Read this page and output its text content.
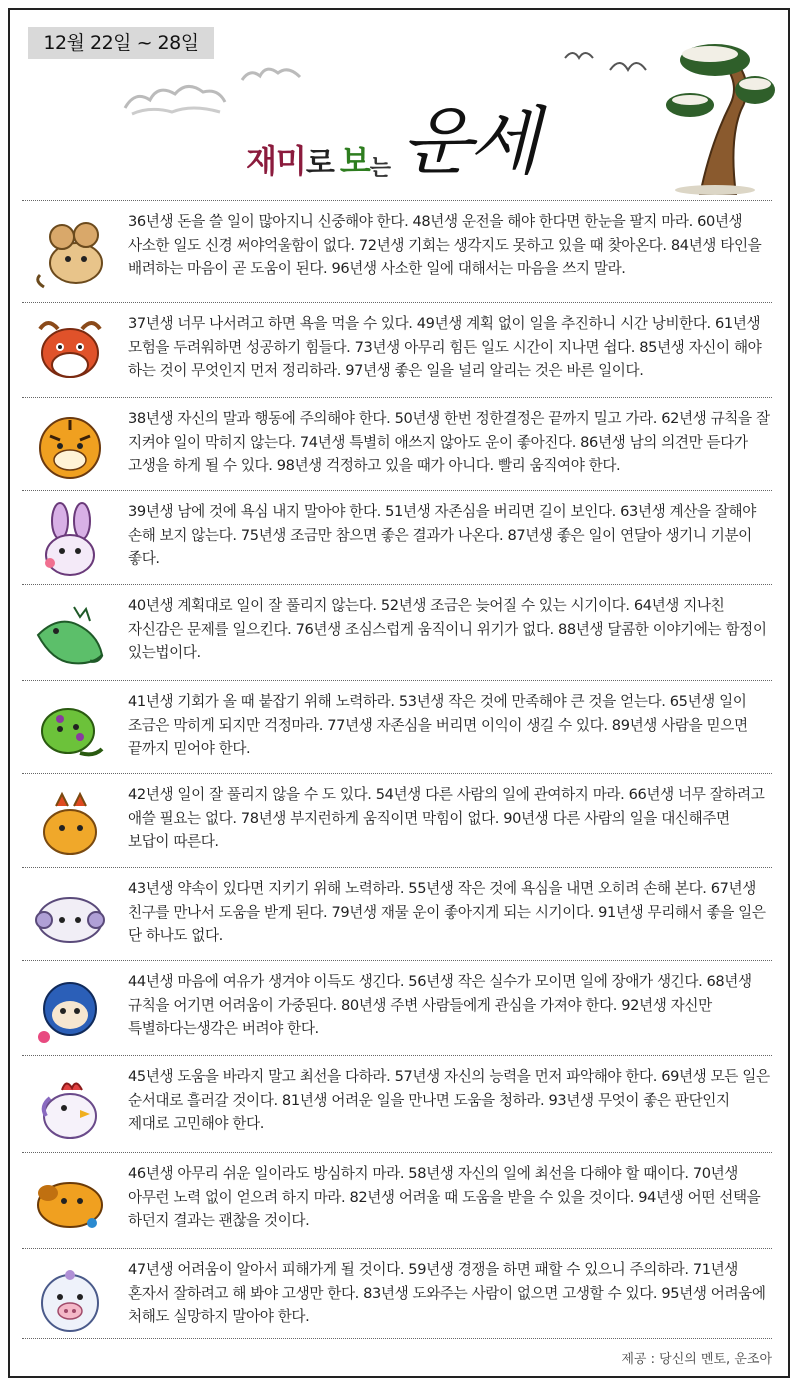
12월 22일 ~ 28일
재미 로 보 는 운세
36년생 돈을 쓸 일이 많아지니 신중해야 한다. 48년생 운전을 해야 한다면 한눈을 팔지 마라. 60년생 사소한 일도 신경 써야억울함이 없다. 72년생 기회는 생각지도 못하고 있을 때 찾아온다. 84년생 타인을 배려하는 마음이 곧 도움이 된다. 96년생 사소한 일에 대해서는 마음을 쓰지 말라.
37년생 너무 나서려고 하면 욕을 먹을 수 있다. 49년생 계획 없이 일을 추진하니 시간 낭비한다. 61년생 모험을 두려워하면 성공하기 힘들다. 73년생 아무리 힘든 일도 시간이 지나면 쉽다. 85년생 자신이 해야 하는 것이 무엇인지 먼저 정리하라. 97년생 좋은 일을 널리 알리는 것은 바른 일이다.
38년생 자신의 말과 행동에 주의해야 한다. 50년생 한번 정한결정은 끝까지 밀고 가라. 62년생 규칙을 잘 지켜야 일이 막히지 않는다. 74년생 특별히 애쓰지 않아도 운이 좋아진다. 86년생 남의 의견만 듣다가 고생을 하게 될 수 있다. 98년생 걱정하고 있을 때가 아니다. 빨리 움직여야 한다.
39년생 남에 것에 욕심 내지 말아야 한다. 51년생 자존심을 버리면 길이 보인다. 63년생 계산을 잘해야 손해 보지 않는다. 75년생 조금만 참으면 좋은 결과가 나온다. 87년생 좋은 일이 연달아 생기니 기분이 좋다.
40년생 계획대로 일이 잘 풀리지 않는다. 52년생 조금은 늦어질 수 있는 시기이다. 64년생 지나친 자신감은 문제를 일으킨다. 76년생 조심스럽게 움직이니 위기가 없다. 88년생 달콤한 이야기에는 함정이 있는법이다.
41년생 기회가 올 때 붙잡기 위해 노력하라. 53년생 작은 것에 만족해야 큰 것을 얻는다. 65년생 일이 조금은 막히게 되지만 걱정마라. 77년생 자존심을 버리면 이익이 생길 수 있다. 89년생 사람을 믿으면 끝까지 믿어야 한다.
42년생 일이 잘 풀리지 않을 수 도 있다. 54년생 다른 사람의 일에 관여하지 마라. 66년생 너무 잘하려고 애쓸 필요는 없다. 78년생 부지런하게 움직이면 막힘이 없다. 90년생 다른 사람의 일을 대신해주면 보답이 따른다.
43년생 약속이 있다면 지키기 위해 노력하라. 55년생 작은 것에 욕심을 내면 오히려 손해 본다. 67년생 친구를 만나서 도움을 받게 된다. 79년생 재물 운이 좋아지게 되는 시기이다. 91년생 무리해서 좋을 일은 단 하나도 없다.
44년생 마음에 여유가 생겨야 이득도 생긴다. 56년생 작은 실수가 모이면 일에 장애가 생긴다. 68년생 규칙을 어기면 어려움이 가중된다. 80년생 주변 사람들에게 관심을 가져야 한다. 92년생 자신만 특별하다는생각은 버려야 한다.
45년생 도움을 바라지 말고 최선을 다하라. 57년생 자신의 능력을 먼저 파악해야 한다. 69년생 모든 일은 순서대로 흘러갈 것이다. 81년생 어려운 일을 만나면 도움을 청하라. 93년생 무엇이 좋은 판단인지 제대로 고민해야 한다.
46년생 아무리 쉬운 일이라도 방심하지 마라. 58년생 자신의 일에 최선을 다해야 할 때이다. 70년생 아무런 노력 없이 얻으려 하지 마라. 82년생 어려울 때 도움을 받을 수 있을 것이다. 94년생 어떤 선택을 하던지 결과는 괜찮을 것이다.
47년생 어려움이 알아서 피해가게 될 것이다. 59년생 경쟁을 하면 패할 수 있으니 주의하라. 71년생 혼자서 잘하려고 해 봐야 고생만 한다. 83년생 도와주는 사람이 없으면 고생할 수 있다. 95년생 어려움에 처해도 실망하지 말아야 한다.
제공 : 당신의 멘토, 운조아
